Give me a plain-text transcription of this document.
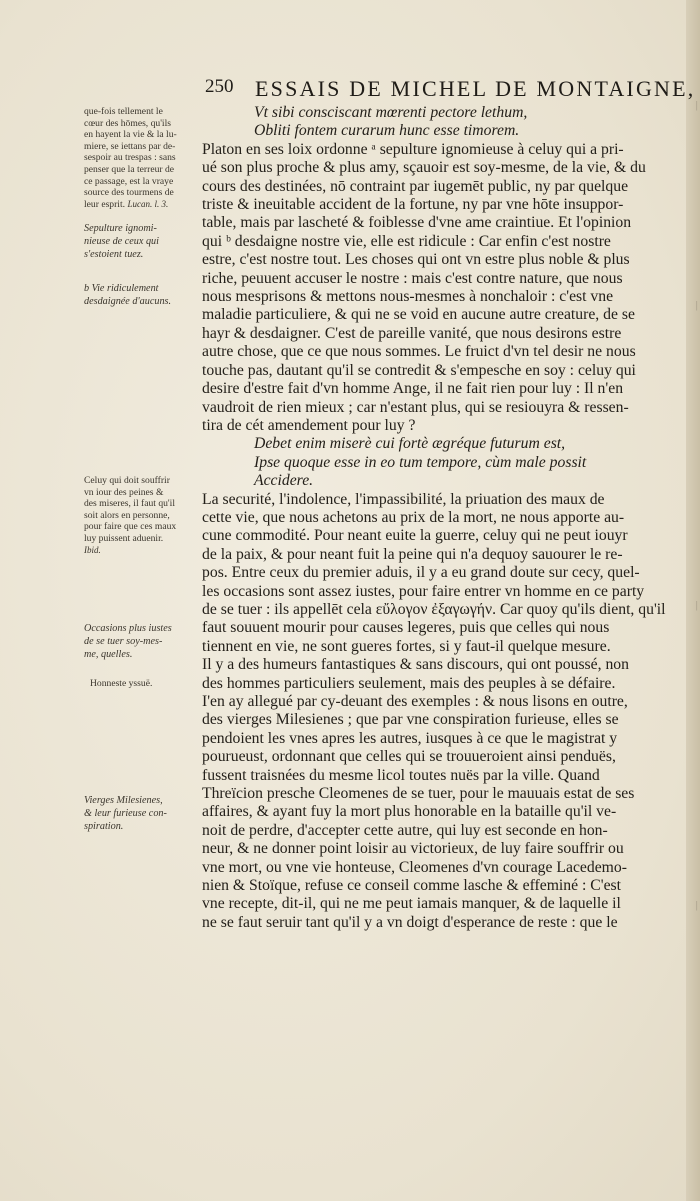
250 ESSAIS DE MICHEL DE MONTAIGNE,
que-fois tellement le
cœur des hōmes, qu'ils
en hayent la vie & la lu-
miere, se iettans par de-
sespoir au trespas : sans
penser que la terreur de
ce passage, est la vraye
source des tourmens de
leur esprit. Lucan. l. 3.
Sepulture ignomi-
nieuse de ceux qui
s'estoient tuez.
b Vie ridiculement
desdaignée d'aucuns.
Celuy qui doit souffrir
vn iour des peines &
des miseres, il faut qu'il
soit alors en personne,
pour faire que ces maux
luy puissent aduenir.
Ibid.
Occasions plus iustes
de se tuer soy-mes-
me, quelles.
Honneste yssuë.
Vierges Milesienes,
& leur furieuse con-
spiration.
Vt sibi consciscant mœrenti pectore lethum,
Obliti fontem curarum hunc esse timorem.
Platon en ses loix ordonne ᵃ sepulture ignomieuse à celuy qui a pri-
ué son plus proche & plus amy, sçauoir est soy-mesme, de la vie, & du
cours des destinées, nō contraint par iugemēt public, ny par quelque
triste & ineuitable accident de la fortune, ny par vne hōte insuppor-
table, mais par lascheté & foiblesse d'vne ame craintiue. Et l'opinion
qui ᵇ desdaigne nostre vie, elle est ridicule : Car enfin c'est nostre
estre, c'est nostre tout. Les choses qui ont vn estre plus noble & plus
riche, peuuent accuser le nostre : mais c'est contre nature, que nous
nous mesprisons & mettons nous-mesmes à nonchaloir : c'est vne
maladie particuliere, & qui ne se void en aucune autre creature, de se
hayr & desdaigner. C'est de pareille vanité, que nous desirons estre
autre chose, que ce que nous sommes. Le fruict d'vn tel desir ne nous
touche pas, dautant qu'il se contredit & s'empesche en soy : celuy qui
desire d'estre fait d'vn homme Ange, il ne fait rien pour luy : Il n'en
vaudroit de rien mieux ; car n'estant plus, qui se resiouyra & ressen-
tira de cét amendement pour luy ?
Debet enim miserè cui fortè ægréque futurum est,
Ipse quoque esse in eo tum tempore, cùm male possit
Accidere.
La securité, l'indolence, l'impassibilité, la priuation des maux de
cette vie, que nous achetons au prix de la mort, ne nous apporte au-
cune commodité. Pour neant euite la guerre, celuy qui ne peut iouyr
de la paix, & pour neant fuit la peine qui n'a dequoy sauourer le re-
pos. Entre ceux du premier aduis, il y a eu grand doute sur cecy, quel-
les occasions sont assez iustes, pour faire entrer vn homme en ce party
de se tuer : ils appellēt cela εὔλογον ἐξαγωγήν. Car quoy qu'ils dient, qu'il
faut souuent mourir pour causes legeres, puis que celles qui nous
tiennent en vie, ne sont gueres fortes, si y faut-il quelque mesure.
Il y a des humeurs fantastiques & sans discours, qui ont poussé, non
des hommes particuliers seulement, mais des peuples à se défaire.
I'en ay allegué par cy-deuant des exemples : & nous lisons en outre,
des vierges Milesienes ; que par vne conspiration furieuse, elles se
pendoient les vnes apres les autres, iusques à ce que le magistrat y
pourueust, ordonnant que celles qui se trouueroient ainsi penduës,
fussent traisnées du mesme licol toutes nuës par la ville. Quand
Threïcion presche Cleomenes de se tuer, pour le mauuais estat de ses
affaires, & ayant fuy la mort plus honorable en la bataille qu'il ve-
noit de perdre, d'accepter cette autre, qui luy est seconde en hon-
neur, & ne donner point loisir au victorieux, de luy faire souffrir ou
vne mort, ou vne vie honteuse, Cleomenes d'vn courage Lacedemo-
nien & Stoïque, refuse ce conseil comme lasche & effeminé : C'est
vne recepte, dit-il, qui ne me peut iamais manquer, & de laquelle il
ne se faut seruir tant qu'il y a vn doigt d'esperance de reste : que le
|
|
|
|
